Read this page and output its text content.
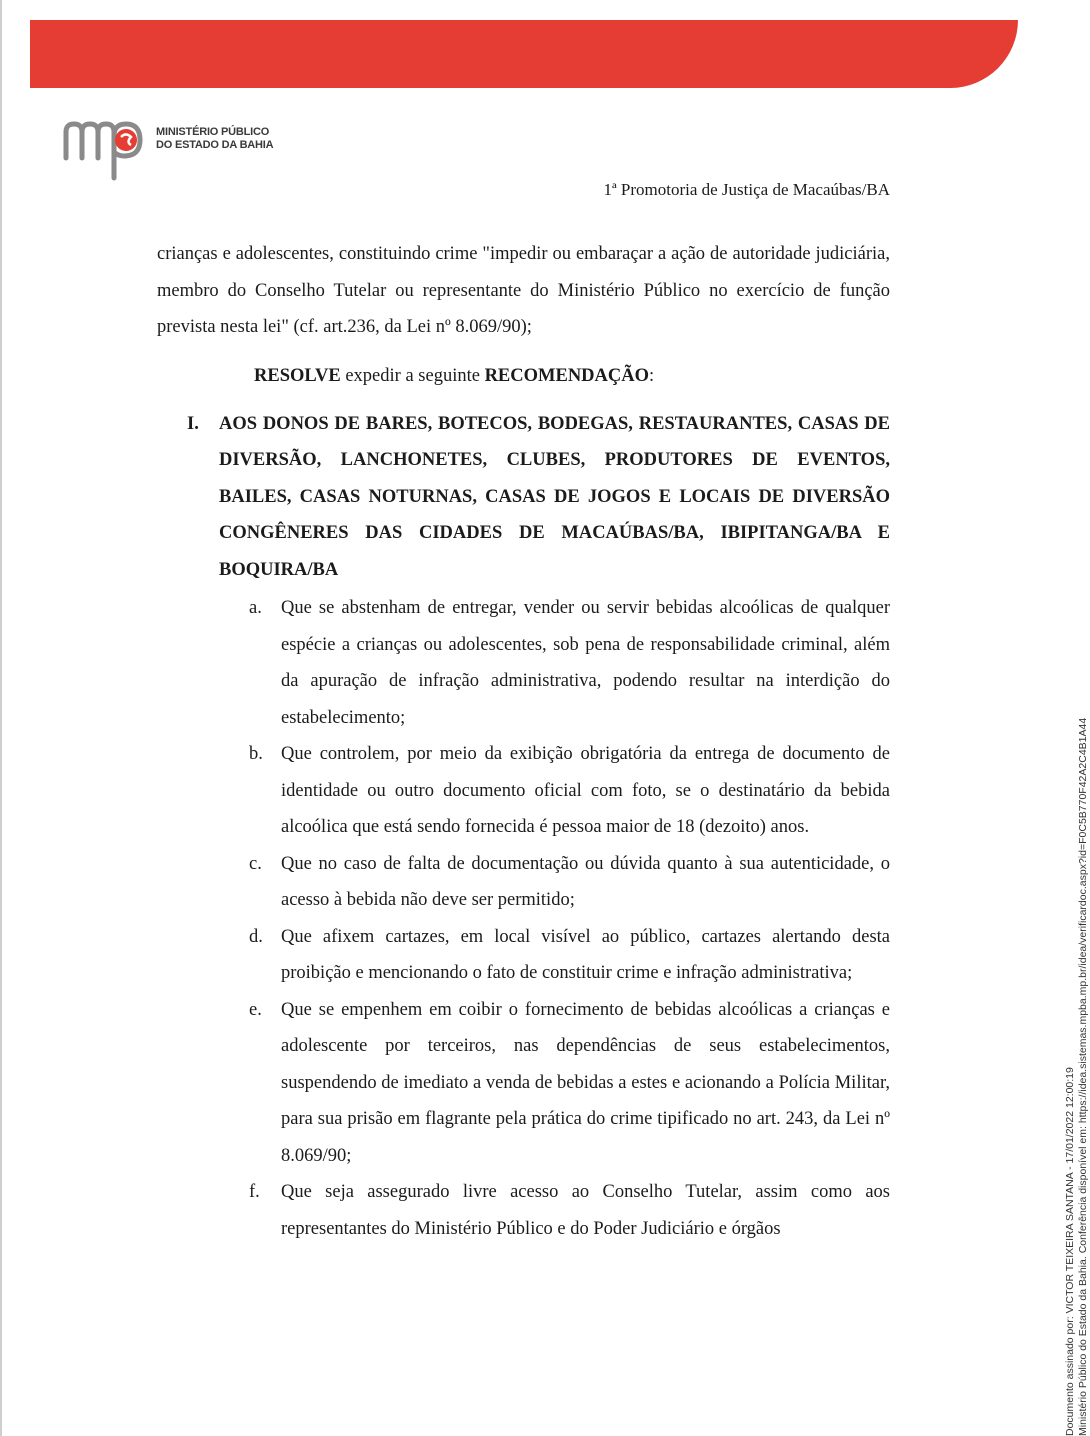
MINISTÉRIO PÚBLICO
DO ESTADO DA BAHIA
1ª Promotoria de Justiça de Macaúbas/BA

crianças e adolescentes, constituindo crime "impedir ou embaraçar a ação de autoridade judiciária, membro do Conselho Tutelar ou representante do Ministério Público no exercício de função prevista nesta lei" (cf. art.236, da Lei nº 8.069/90);

RESOLVE expedir a seguinte RECOMENDAÇÃO:
I.	AOS DONOS DE BARES, BOTECOS, BODEGAS, RESTAURANTES, CASAS DE DIVERSÃO, LANCHONETES, CLUBES, PRODUTORES DE EVENTOS, BAILES, CASAS NOTURNAS, CASAS DE JOGOS E LOCAIS DE DIVERSÃO CONGÊNERES DAS CIDADES DE MACAÚBAS/BA, IBIPITANGA/BA E BOQUIRA/BA

a.	Que se abstenham de entregar, vender ou servir bebidas alcoólicas de qualquer espécie a crianças ou adolescentes, sob pena de responsabilidade criminal, além da apuração de infração administrativa, podendo resultar na interdição do estabelecimento;

b. Que controlem, por meio da exibição obrigatória da entrega de documento de identidade ou outro documento oficial com foto, se o destinatário da bebida alcoólica que está sendo fornecida é pessoa maior de 18 (dezoito) anos.

c.	Que no caso de falta de documentação ou dúvida quanto à sua autenticidade, o acesso à bebida não deve ser permitido;

d. Que afixem cartazes, em local visível ao público, cartazes alertando desta proibição e mencionando o fato de constituir crime e infração administrativa;

e.	Que se empenhem em coibir o fornecimento de bebidas alcoólicas a crianças e adolescente por terceiros, nas dependências de seus estabelecimentos, suspendendo de imediato a venda de bebidas a estes e acionando a Polícia Militar, para sua prisão em flagrante pela prática do crime tipificado no art. 243, da Lei nº 8.069/90;

f.	Que seja assegurado livre acesso ao Conselho Tutelar, assim como aos representantes do Ministério Público e do Poder Judiciário e órgãos	Documento assinado por: VICTOR TEIXEIRA SANTANA - 17/01/2022 12:00:19 Ministério Público do Estado da Bahia. Conferência disponível em: https://idea.sistemas.mpba.mp.br/idea/verificardoc.aspx?id=F0C5B770F42A2C4B1A44
